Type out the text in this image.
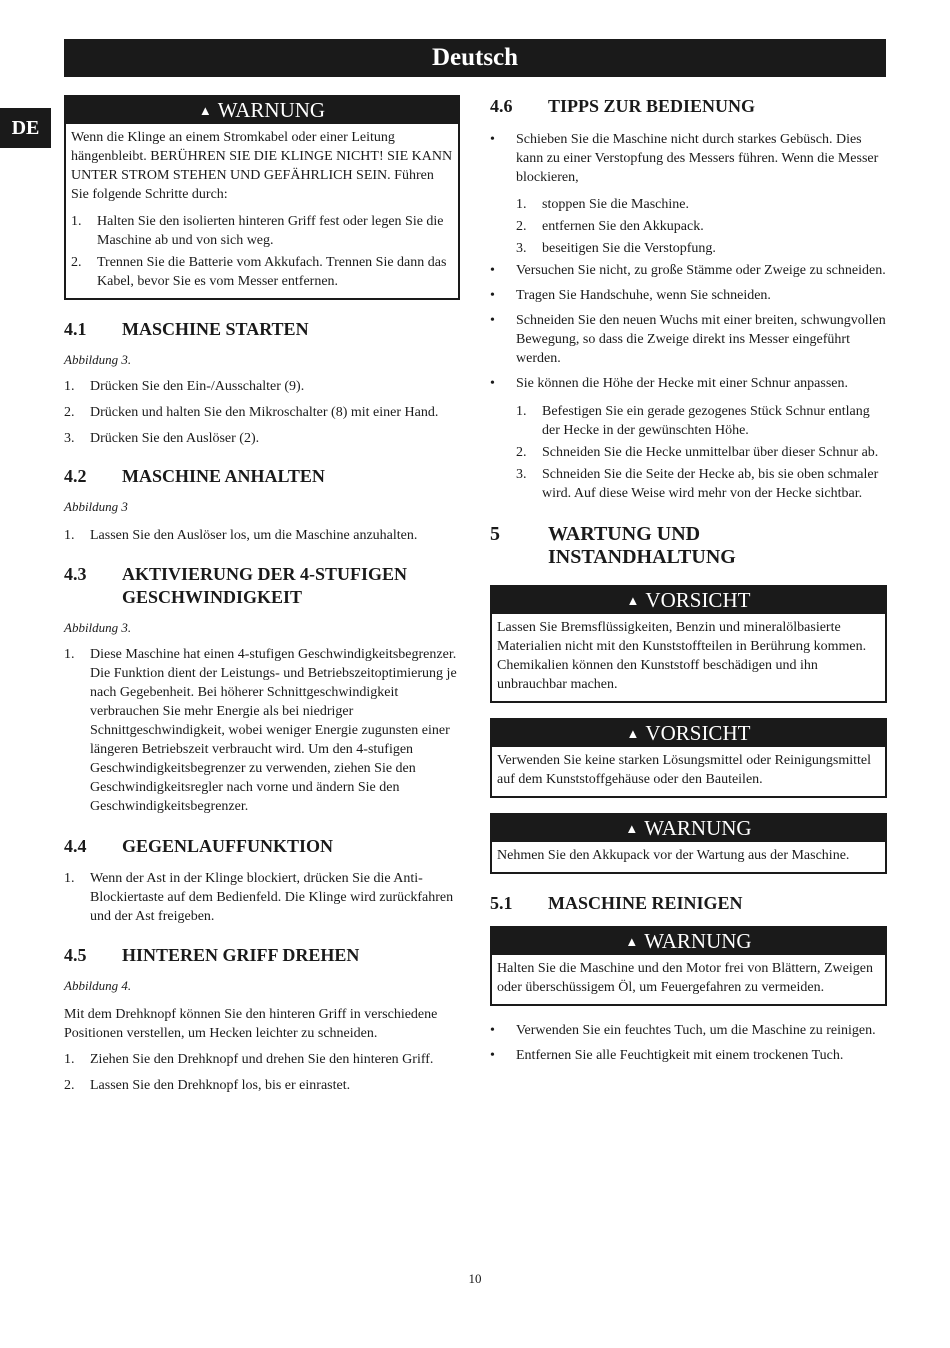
Deutsch
DE
▲ WARNUNG

Wenn die Klinge an einem Stromkabel oder einer Leitung hängenbleibt. BERÜHREN SIE DIE KLINGE NICHT! SIE KANN UNTER STROM STEHEN UND GEFÄHRLICH SEIN. Führen Sie folgende Schritte durch:

1.	Halten Sie den isolierten hinteren Griff fest oder legen Sie die Maschine ab und von sich weg.
2.	Trennen Sie die Batterie vom Akkufach. Trennen Sie dann das Kabel, bevor Sie es vom Messer entfernen.
4.1	MASCHINE STARTEN
Abbildung 3.
1.	Drücken Sie den Ein-/Ausschalter (9).
2.	Drücken und halten Sie den Mikroschalter (8) mit einer Hand.
3.	Drücken Sie den Auslöser (2).
4.2	MASCHINE ANHALTEN
Abbildung 3
1.	Lassen Sie den Auslöser los, um die Maschine anzuhalten.
4.3	AKTIVIERUNG DER 4-STUFIGEN GESCHWINDIGKEIT
Abbildung 3.
1.	Diese Maschine hat einen 4-stufigen Geschwindigkeitsbegrenzer. Die Funktion dient der Leistungs- und Betriebszeitoptimierung je nach Gegebenheit. Bei höherer Schnittgeschwindigkeit verbrauchen Sie mehr Energie als bei niedriger Schnittgeschwindigkeit, wobei weniger Energie zugunsten einer längeren Betriebszeit verbraucht wird. Um den 4-stufigen Geschwindigkeitsbegrenzer zu verwenden, ziehen Sie den Geschwindigkeitsregler nach vorne und ändern Sie den Geschwindigkeitsbegrenzer.
4.4	GEGENLAUFFUNKTION
1.	Wenn der Ast in der Klinge blockiert, drücken Sie die Anti-Blockiertaste auf dem Bedienfeld. Die Klinge wird zurückfahren und der Ast freigeben.
4.5	HINTEREN GRIFF DREHEN
Abbildung 4.
Mit dem Drehknopf können Sie den hinteren Griff in verschiedene Positionen verstellen, um Hecken leichter zu schneiden.
1.	Ziehen Sie den Drehknopf und drehen Sie den hinteren Griff.
2.	Lassen Sie den Drehknopf los, bis er einrastet.
4.6	TIPPS ZUR BEDIENUNG
•	Schieben Sie die Maschine nicht durch starkes Gebüsch. Dies kann zu einer Verstopfung des Messers führen. Wenn die Messer blockieren,
1.	stoppen Sie die Maschine.
2.	entfernen Sie den Akkupack.
3.	beseitigen Sie die Verstopfung.
•	Versuchen Sie nicht, zu große Stämme oder Zweige zu schneiden.
•	Tragen Sie Handschuhe, wenn Sie schneiden.
•	Schneiden Sie den neuen Wuchs mit einer breiten, schwungvollen Bewegung, so dass die Zweige direkt ins Messer eingeführt werden.
•	Sie können die Höhe der Hecke mit einer Schnur anpassen.
1.	Befestigen Sie ein gerade gezogenes Stück Schnur entlang der Hecke in der gewünschten Höhe.
2.	Schneiden Sie die Hecke unmittelbar über dieser Schnur ab.
3.	Schneiden Sie die Seite der Hecke ab, bis sie oben schmaler wird. Auf diese Weise wird mehr von der Hecke sichtbar.
5	WARTUNG UND INSTANDHALTUNG
▲ VORSICHT

Lassen Sie Bremsflüssigkeiten, Benzin und mineralölbasierte Materialien nicht mit den Kunststoffteilen in Berührung kommen. Chemikalien können den Kunststoff beschädigen und ihn unbrauchbar machen.

▲ VORSICHT

Verwenden Sie keine starken Lösungsmittel oder Reinigungsmittel auf dem Kunststoffgehäuse oder den Bauteilen.

▲ WARNUNG

Nehmen Sie den Akkupack vor der Wartung aus der Maschine.

5.1	MASCHINE REINIGEN
▲ WARNUNG

Halten Sie die Maschine und den Motor frei von Blättern, Zweigen oder überschüssigem Öl, um Feuergefahren zu vermeiden.

•	Verwenden Sie ein feuchtes Tuch, um die Maschine zu reinigen.
•	Entfernen Sie alle Feuchtigkeit mit einem trockenen Tuch.
10
